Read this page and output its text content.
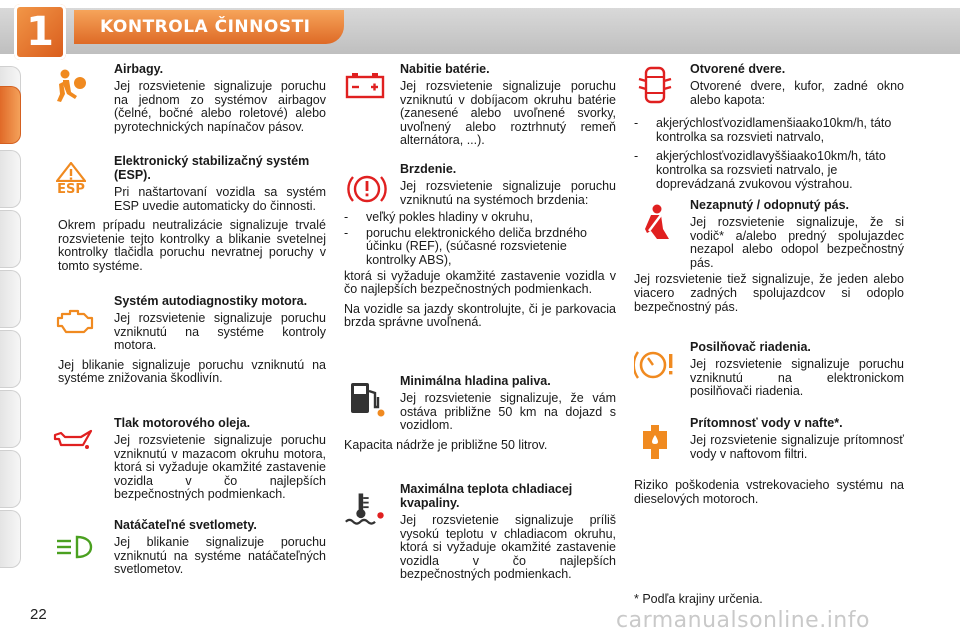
1	KONTROLA ČINNOSTI
Airbagy.

Jej rozsvietenie signalizuje poruchu na jednom zo systémov airbagov (čelné, bočné alebo roletové) alebo pyrotechnických napínačov pásov.

ESP
Elektronický stabilizačný systém (ESP).

Pri naštartovaní vozidla sa systém ESP uvedie automaticky do činnosti.

Okrem prípadu neutralizácie signalizuje trvalé rozsvietenie tejto kontrolky a blikanie svetelnej kontrolky tlačidla poruchu nevratnej poruchy v tomto systéme.

Systém autodiagnostiky motora.

Jej rozsvietenie signalizuje poruchu vzniknutú na systéme kontroly motora.

Jej blikanie signalizuje poruchu vzniknutú na systéme znižovania škodlivín.

Tlak motorového oleja.

Jej rozsvietenie signalizuje poruchu vzniknutú v mazacom okruhu motora, ktorá si vyžaduje okamžité zastavenie vozidla v čo najlepších bezpečnostných podmienkach.

Natáčateľné svetlomety.

Jej blikanie signalizuje poruchu vzniknutú na systéme natáčateľných svetlometov.

Nabitie batérie.

Jej rozsvietenie signalizuje poruchu vzniknutú v dobíjacom okruhu batérie (zanesené alebo uvoľnené svorky, uvoľnený alebo roztrhnutý remeň alternátora, ...).

Brzdenie.

Jej rozsvietenie signalizuje poruchu vzniknutú na systémoch brzdenia:

- veľký pokles hladiny v okruhu,
- poruchu elektronického deliča brzdného účinku (REF), (súčasné rozsvietenie kontrolky ABS),

ktorá si vyžaduje okamžité zastavenie vozidla v čo najlepších bezpečnostných podmienkach.

Na vozidle sa jazdy skontrolujte, či je parkovacia brzda správne uvoľnená.

Minimálna hladina paliva.

Jej rozsvietenie signalizuje, že vám ostáva približne 50 km na dojazd s vozidlom.

Kapacita nádrže je približne 50 litrov.

Maximálna teplota chladiacej kvapaliny.

Jej rozsvietenie signalizuje príliš vysokú teplotu v chladiacom okruhu, ktorá si vyžaduje okamžité zastavenie vozidla v čo najlepších bezpečnostných podmienkach.

Otvorené dvere.

Otvorené dvere, kufor, zadné okno alebo kapota:

- akjerýchlosťvozidlamenšiaako10km/h, táto kontrolka sa rozsvieti natrvalo,
- akjerýchlosťvozidlavyššiaako10km/h, táto kontrolka sa rozsvieti natrvalo, je doprevádzaná zvukovou výstrahou.
Nezapnutý / odopnutý pás.

Jej rozsvietenie signalizuje, že si vodič* a/alebo predný spolujazdec nezapol alebo odopol bezpečnostný pás.

Jej rozsvietenie tiež signalizuje, že jeden alebo viacero zadných spolujazdcov si odoplo bezpečnostný pás.

Posilňovač riadenia.

Jej rozsvietenie signalizuje poruchu vzniknutú na elektronickom posilňovači riadenia.

Prítomnosť vody v nafte*.

Jej rozsvietenie signalizuje prítomnosť vody v naftovom filtri.

Riziko poškodenia vstrekovacieho systému na dieselových motoroch.

* Podľa krajiny určenia.
22	carmanualsonline.info
